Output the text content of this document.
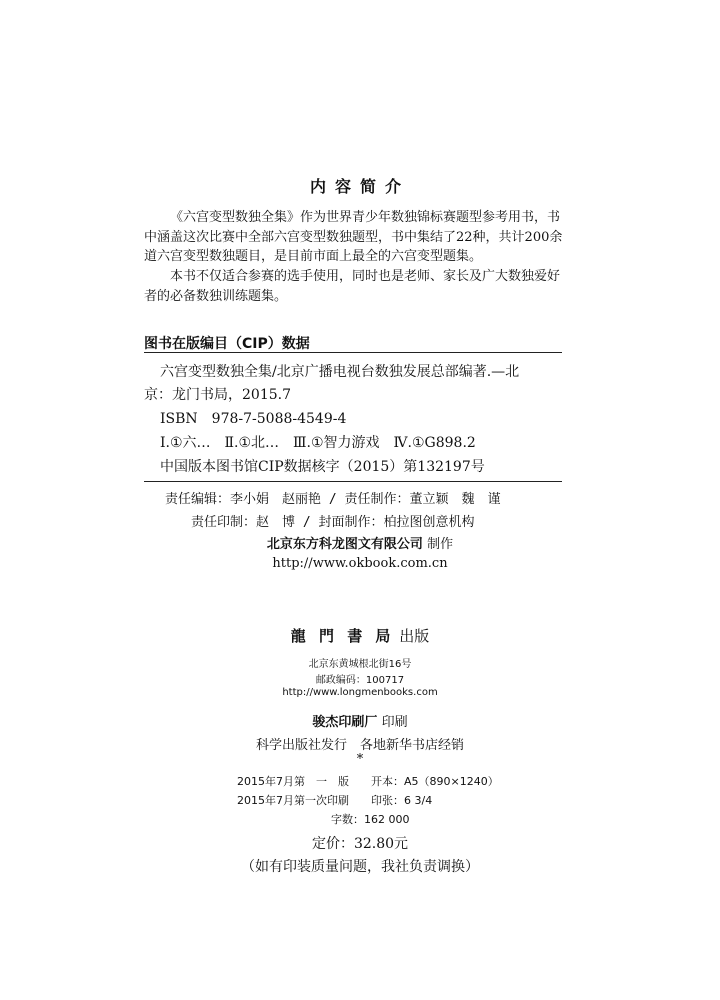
内容简介
《六宫变型数独全集》作为世界青少年数独锦标赛题型参考用书，书中涵盖这次比赛中全部六宫变型数独题型，书中集结了22种，共计200余道六宫变型数独题目，是目前市面上最全的六宫变型题集。
本书不仅适合参赛的选手使用，同时也是老师、家长及广大数独爱好者的必备数独训练题集。
图书在版编目（CIP）数据
六宫变型数独全集/北京广播电视台数独发展总部编著.—北
京：龙门书局，2015.7
ISBN　978-7-5088-4549-4
Ⅰ.①六…　Ⅱ.①北…　Ⅲ.①智力游戏　Ⅳ.①G898.2
中国版本图书馆CIP数据核字（2015）第132197号
责任编辑：李小娟　赵丽艳 / 责任制作：董立颖　魏　谨
责任印制：赵　博 / 封面制作：柏拉图创意机构
北京东方科龙图文有限公司 制作
http://www.okbook.com.cn
龍 門 書 局 出版
北京东黄城根北街16号
邮政编码：100717
http://www.longmenbooks.com
骏杰印刷厂 印刷
科学出版社发行　各地新华书店经销
*
2015年7月第　一　版　　开本：A5（890×1240）
2015年7月第一次印刷　　印张：6 3/4
字数：162 000
定价：32.80元
（如有印装质量问题，我社负责调换）
